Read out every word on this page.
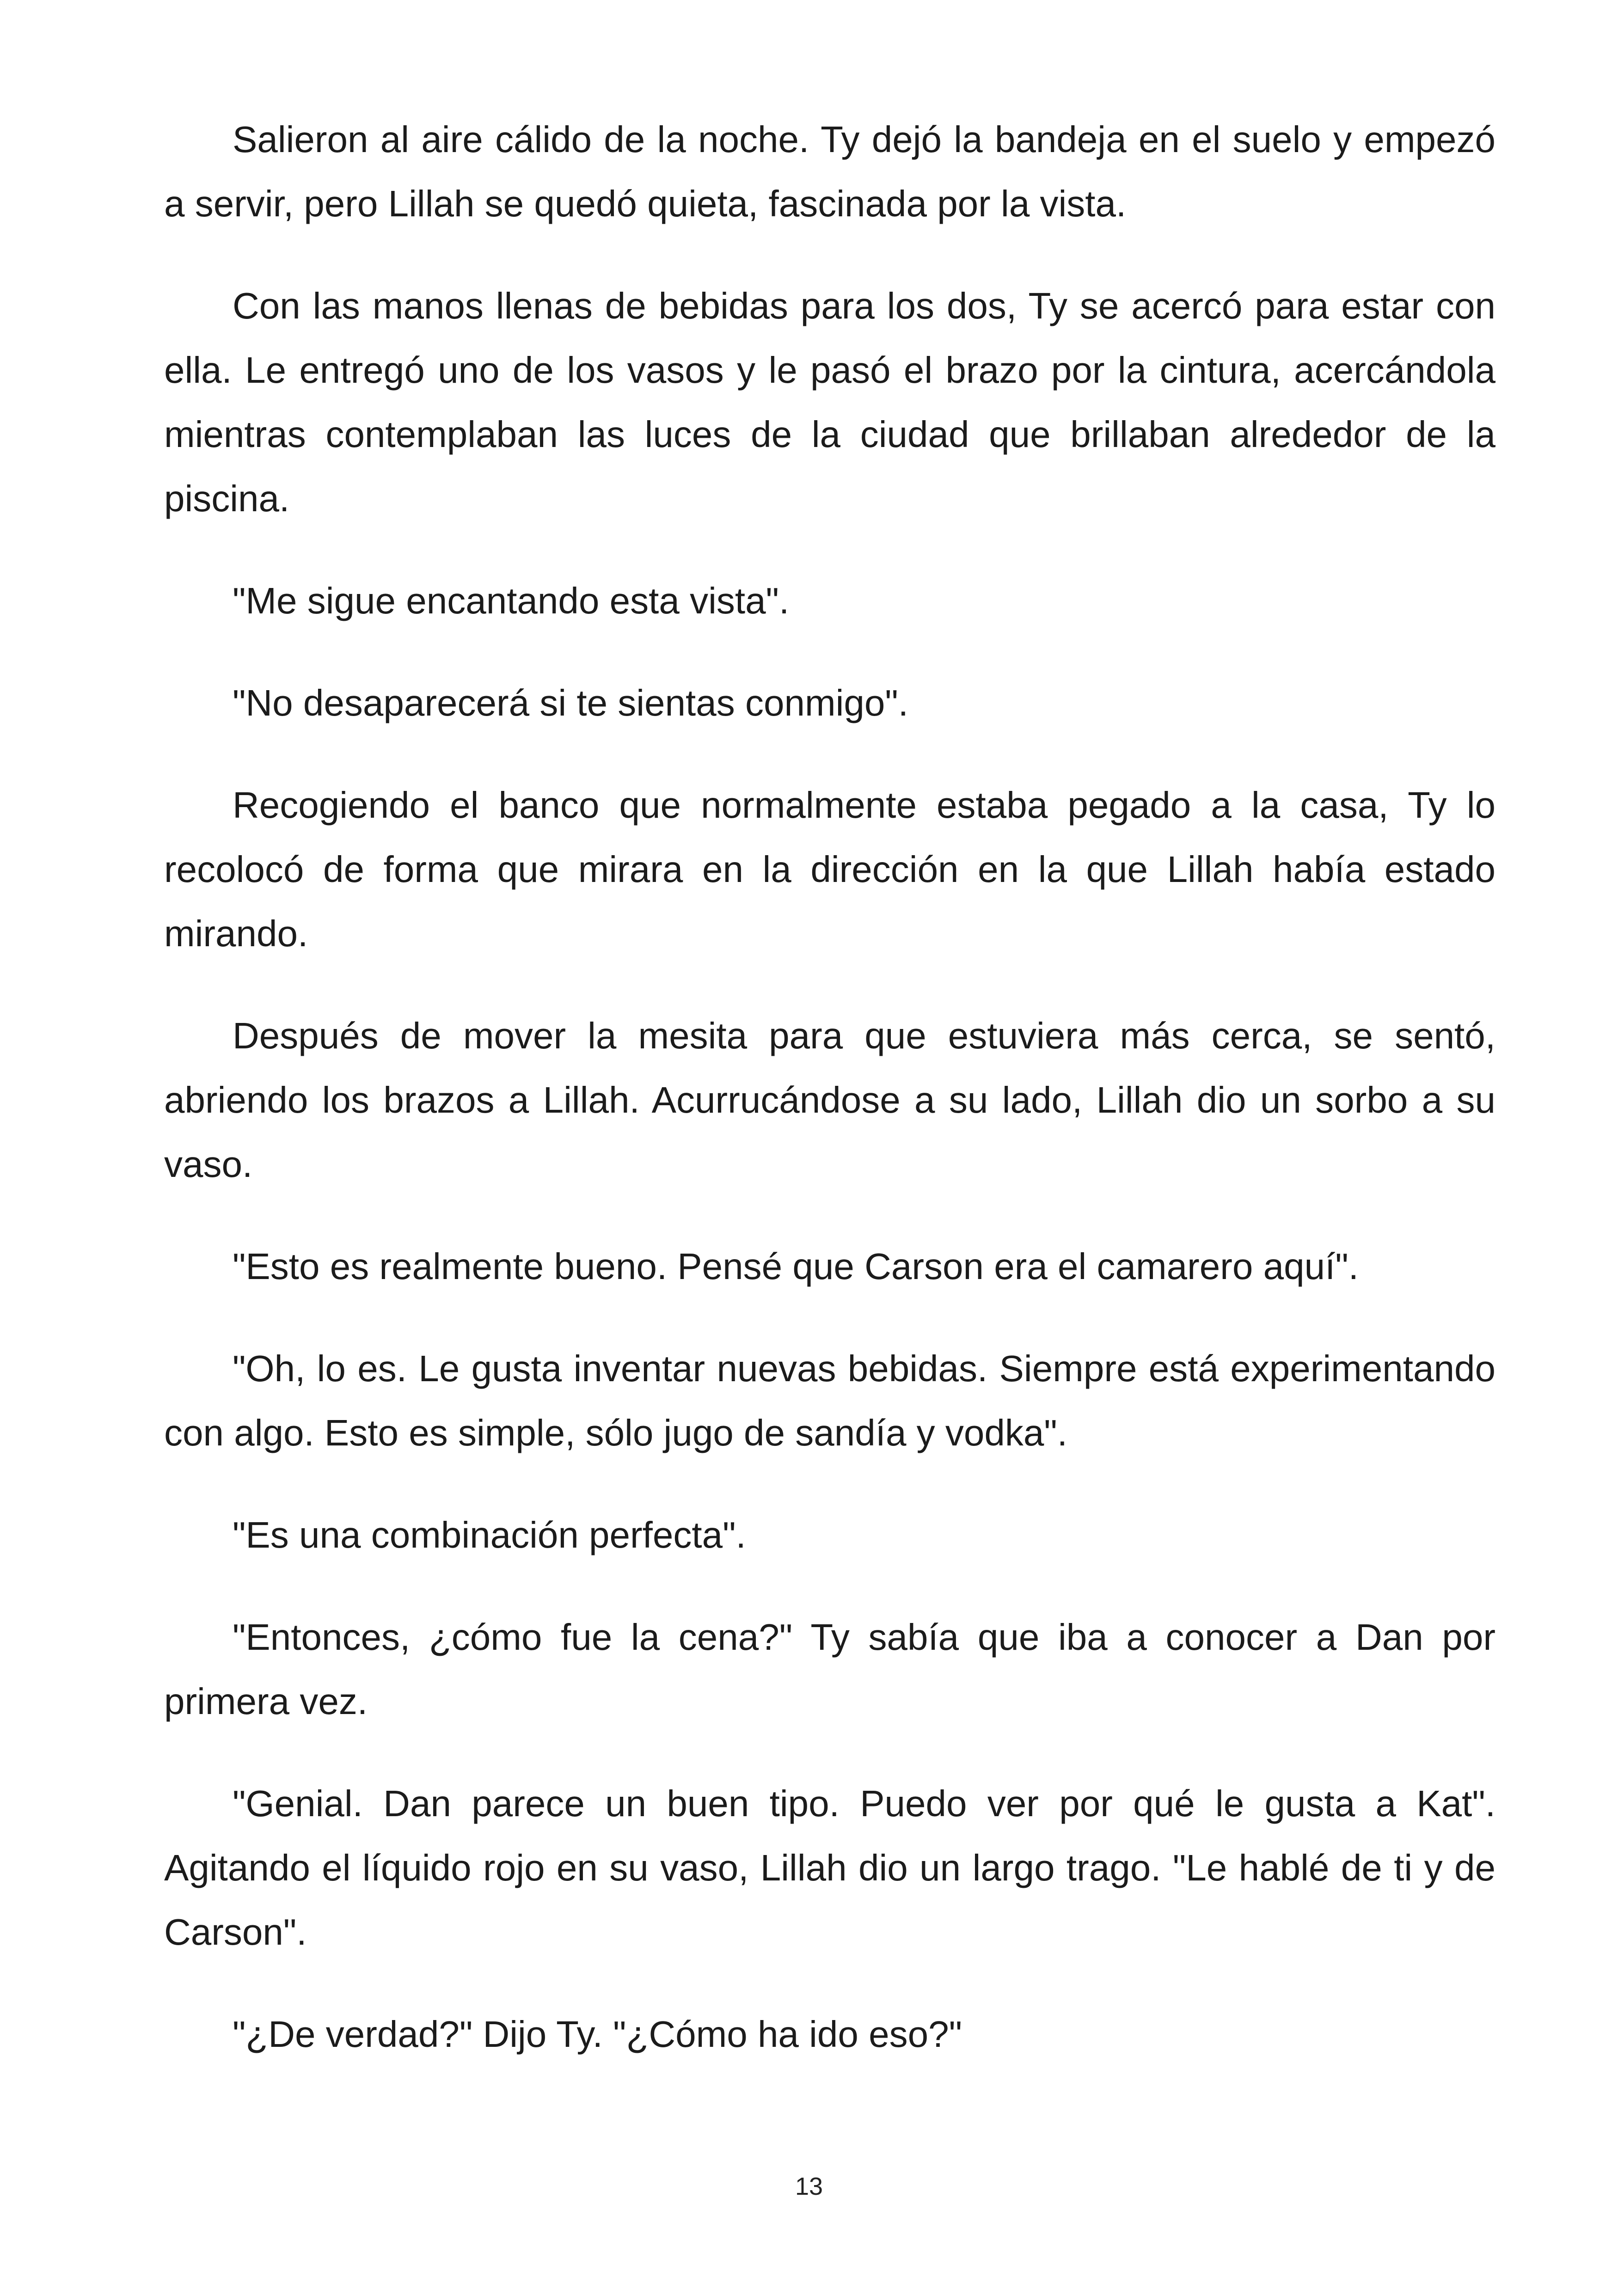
Salieron al aire cálido de la noche. Ty dejó la bandeja en el suelo y empezó a servir, pero Lillah se quedó quieta, fascinada por la vista.

Con las manos llenas de bebidas para los dos, Ty se acercó para estar con ella. Le entregó uno de los vasos y le pasó el brazo por la cintura, acercándola mientras contemplaban las luces de la ciudad que brillaban alrededor de la piscina.

"Me sigue encantando esta vista".

"No desaparecerá si te sientas conmigo".

Recogiendo el banco que normalmente estaba pegado a la casa, Ty lo recolocó de forma que mirara en la dirección en la que Lillah había estado mirando.

Después de mover la mesita para que estuviera más cerca, se sentó, abriendo los brazos a Lillah. Acurrucándose a su lado, Lillah dio un sorbo a su vaso.

"Esto es realmente bueno. Pensé que Carson era el camarero aquí".

"Oh, lo es. Le gusta inventar nuevas bebidas. Siempre está experimentando con algo. Esto es simple, sólo jugo de sandía y vodka".

"Es una combinación perfecta".

"Entonces, ¿cómo fue la cena?" Ty sabía que iba a conocer a Dan por primera vez.

"Genial. Dan parece un buen tipo. Puedo ver por qué le gusta a Kat". Agitando el líquido rojo en su vaso, Lillah dio un largo trago. "Le hablé de ti y de Carson".

"¿De verdad?" Dijo Ty. "¿Cómo ha ido eso?"

13
